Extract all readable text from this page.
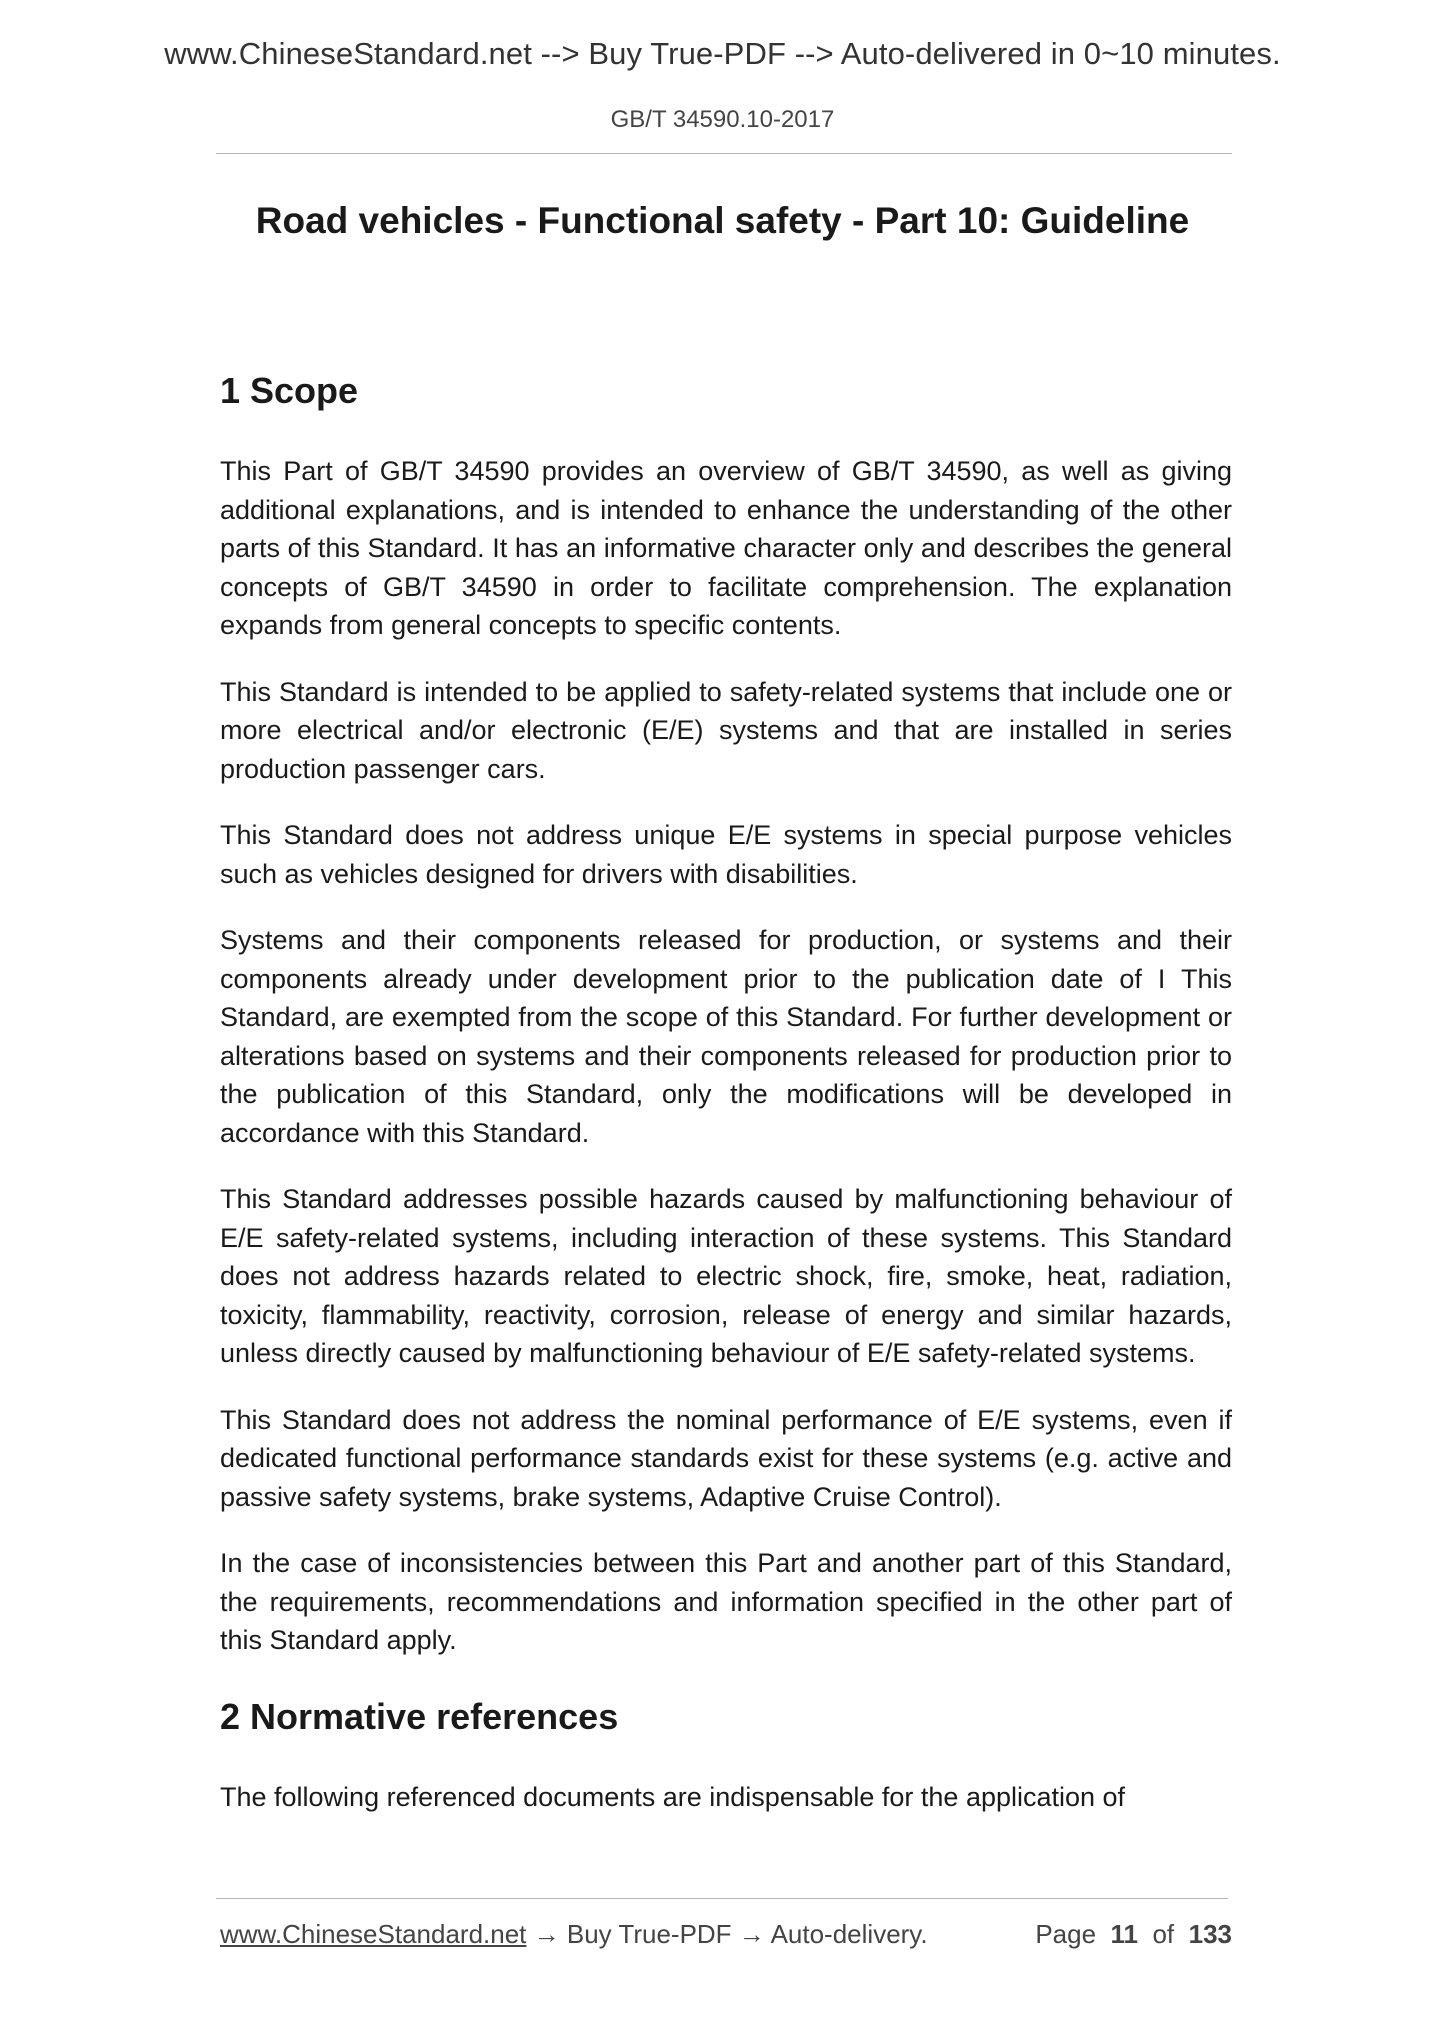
www.ChineseStandard.net --> Buy True-PDF --> Auto-delivered in 0~10 minutes.
GB/T 34590.10-2017
Road vehicles - Functional safety - Part 10: Guideline
1 Scope

This Part of GB/T 34590 provides an overview of GB/T 34590, as well as giving additional explanations, and is intended to enhance the understanding of the other parts of this Standard. It has an informative character only and describes the general concepts of GB/T 34590 in order to facilitate comprehension. The explanation expands from general concepts to specific contents.

This Standard is intended to be applied to safety-related systems that include one or more electrical and/or electronic (E/E) systems and that are installed in series production passenger cars.

This Standard does not address unique E/E systems in special purpose vehicles such as vehicles designed for drivers with disabilities.

Systems and their components released for production, or systems and their components already under development prior to the publication date of I This Standard, are exempted from the scope of this Standard. For further development or alterations based on systems and their components released for production prior to the publication of this Standard, only the modifications will be developed in accordance with this Standard.

This Standard addresses possible hazards caused by malfunctioning behaviour of E/E safety-related systems, including interaction of these systems. This Standard does not address hazards related to electric shock, fire, smoke, heat, radiation, toxicity, flammability, reactivity, corrosion, release of energy and similar hazards, unless directly caused by malfunctioning behaviour of E/E safety-related systems.

This Standard does not address the nominal performance of E/E systems, even if dedicated functional performance standards exist for these systems (e.g. active and passive safety systems, brake systems, Adaptive Cruise Control).

In the case of inconsistencies between this Part and another part of this Standard, the requirements, recommendations and information specified in the other part of this Standard apply.

2 Normative references

The following referenced documents are indispensable for the application of

www.ChineseStandard.net → Buy True-PDF → Auto-delivery.	Page 11 of 133
